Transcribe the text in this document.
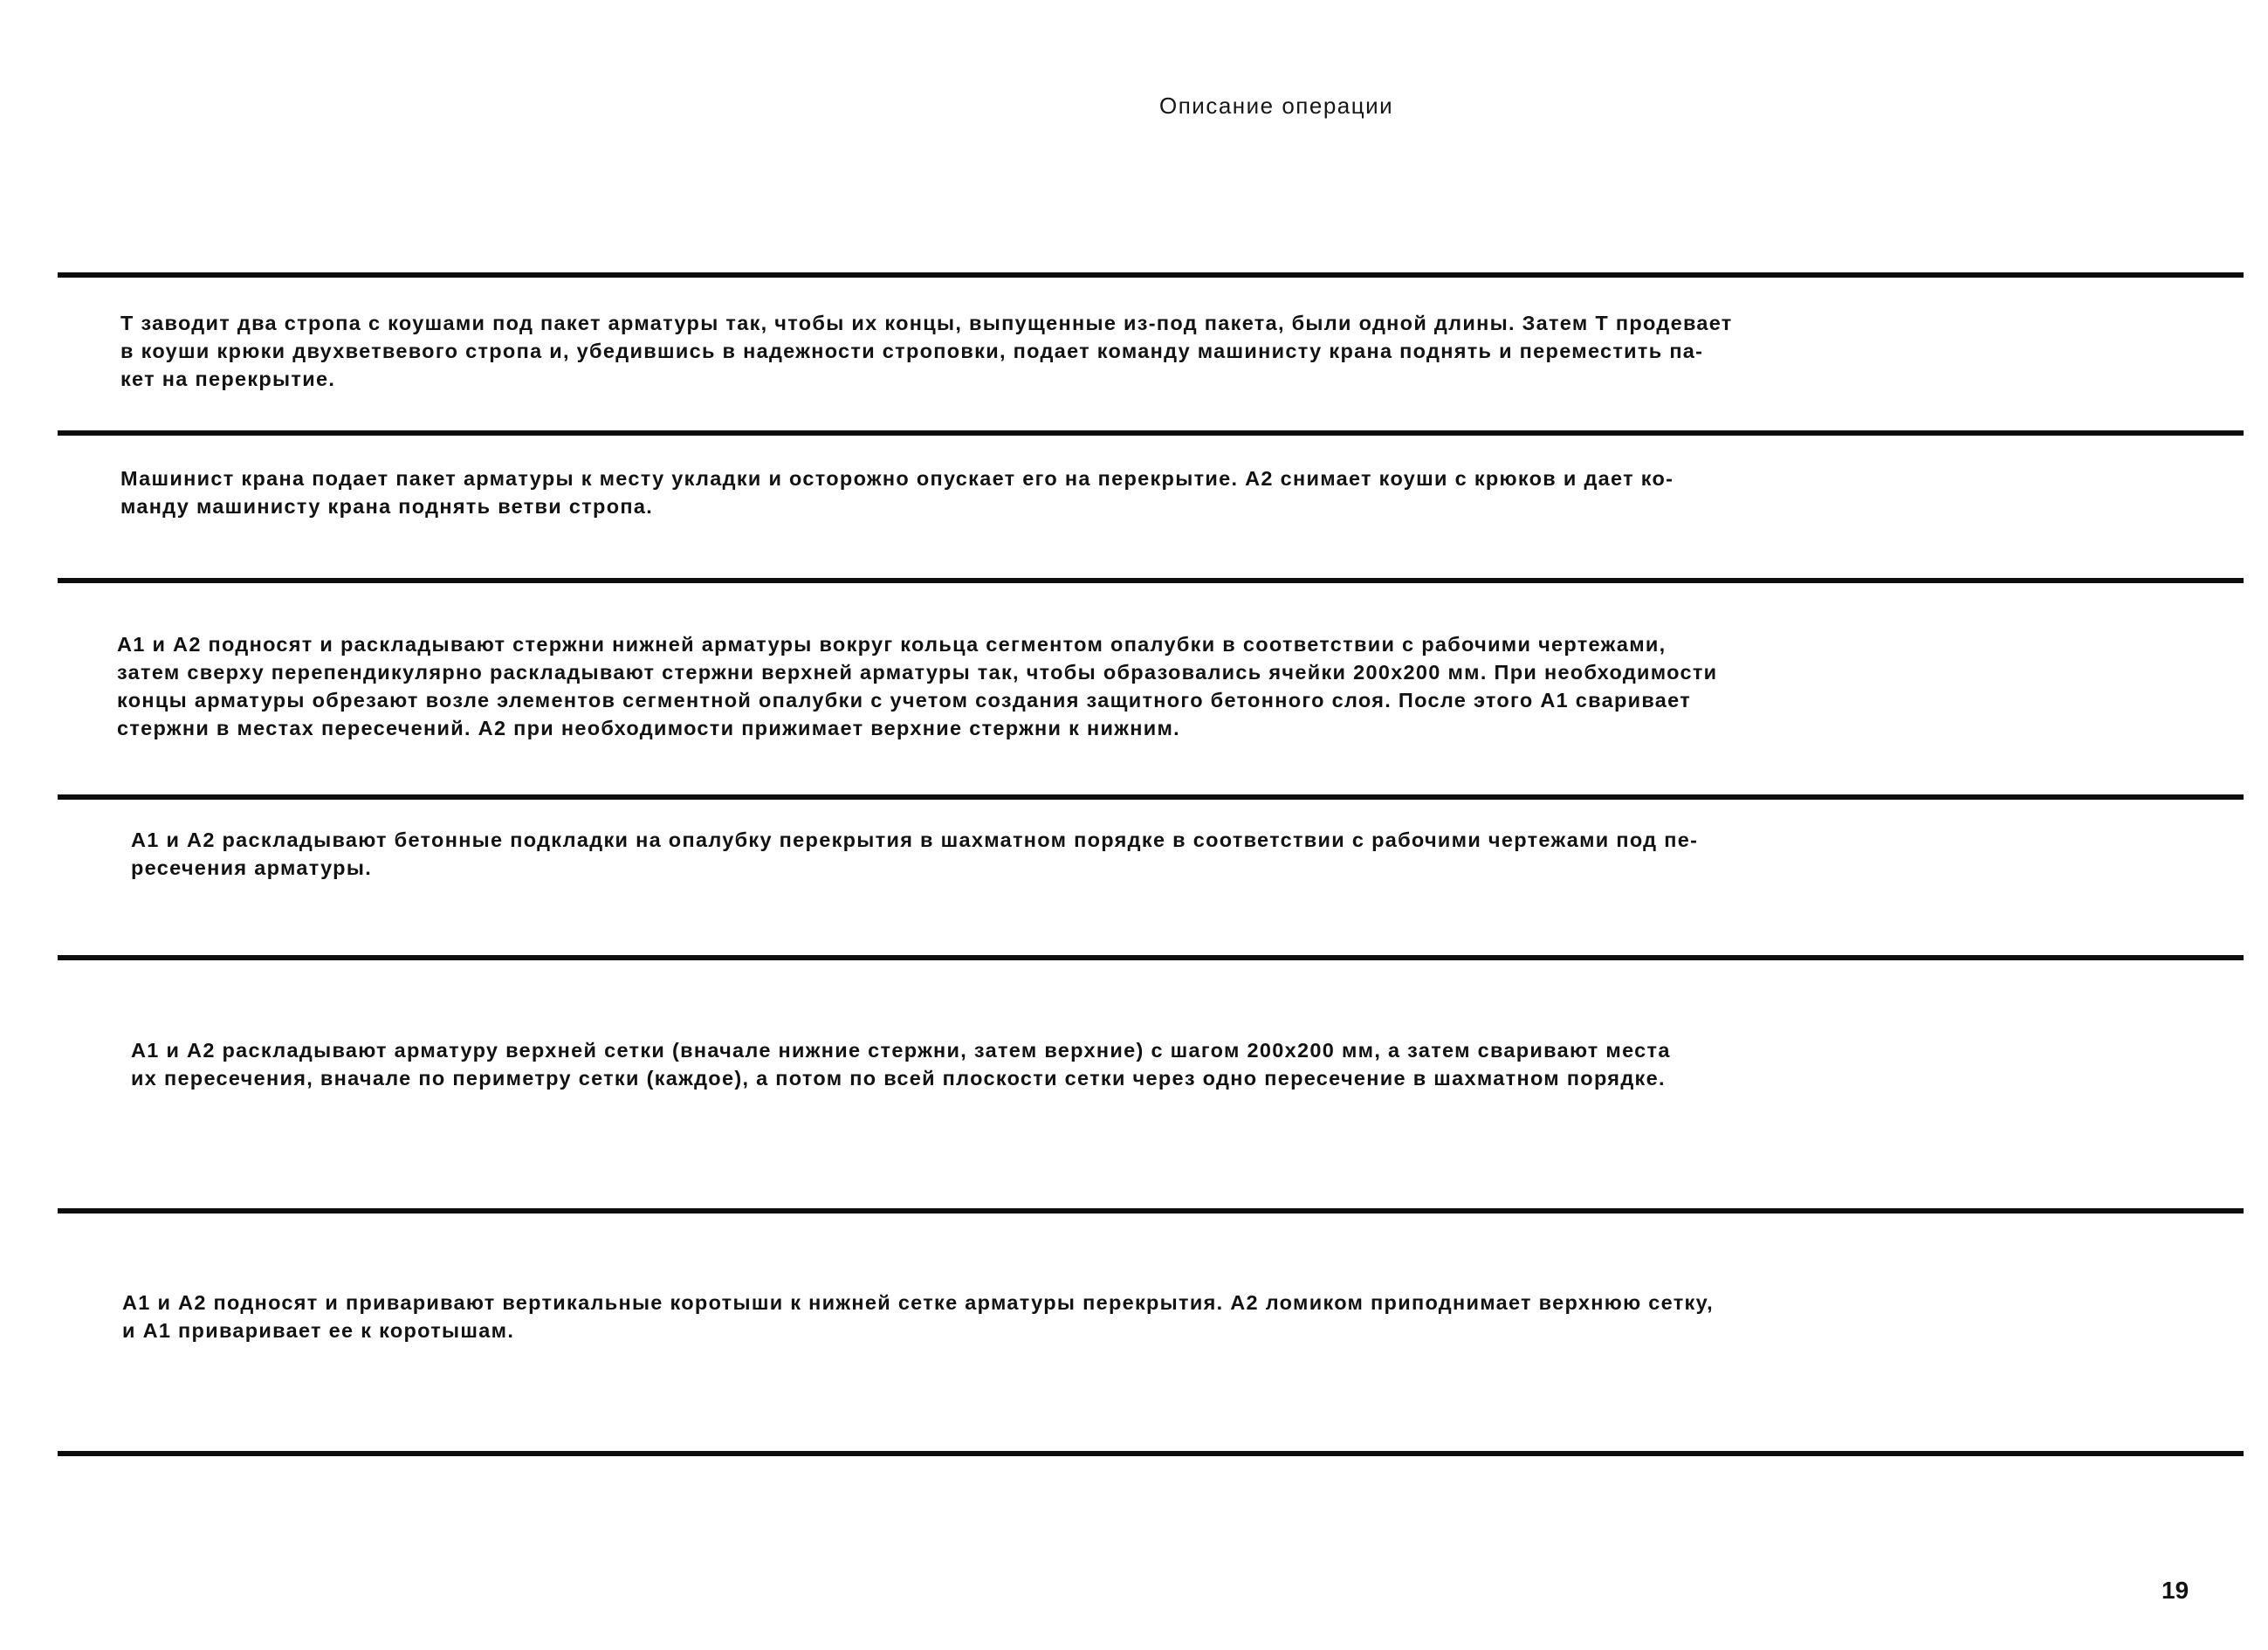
Описание операции
Т заводит два стропа с коушами под пакет арматуры так, чтобы их концы, выпущенные из-под пакета, были одной длины. Затем Т продевает
в коуши крюки двухветвевого стропа и, убедившись в надежности строповки, подает команду машинисту крана поднять и переместить па-
кет на перекрытие.
Машинист крана подает пакет арматуры к месту укладки и осторожно опускает его на перекрытие. А2 снимает коуши с крюков и дает ко-
манду машинисту крана поднять ветви стропа.
А1 и А2 подносят и раскладывают стержни нижней арматуры вокруг кольца сегментом опалубки в соответствии с рабочими чертежами,
затем сверху перепендикулярно раскладывают стержни верхней арматуры так, чтобы образовались ячейки 200х200 мм. При необходимости
концы арматуры обрезают возле элементов сегментной опалубки с учетом создания защитного бетонного слоя. После этого А1 сваривает
стержни в местах пересечений. А2 при необходимости прижимает верхние стержни к нижним.
А1 и А2 раскладывают бетонные подкладки на опалубку перекрытия в шахматном порядке в соответствии с рабочими чертежами под пе-
ресечения арматуры.
А1 и А2 раскладывают арматуру верхней сетки (вначале нижние стержни, затем верхние) с шагом 200х200 мм, а затем сваривают места
их пересечения, вначале по периметру сетки (каждое), а потом по всей плоскости сетки через одно пересечение в шахматном порядке.
А1 и А2 подносят и приваривают вертикальные коротыши к нижней сетке арматуры перекрытия. А2 ломиком приподнимает верхнюю сетку,
и А1 приваривает ее к коротышам.
19
